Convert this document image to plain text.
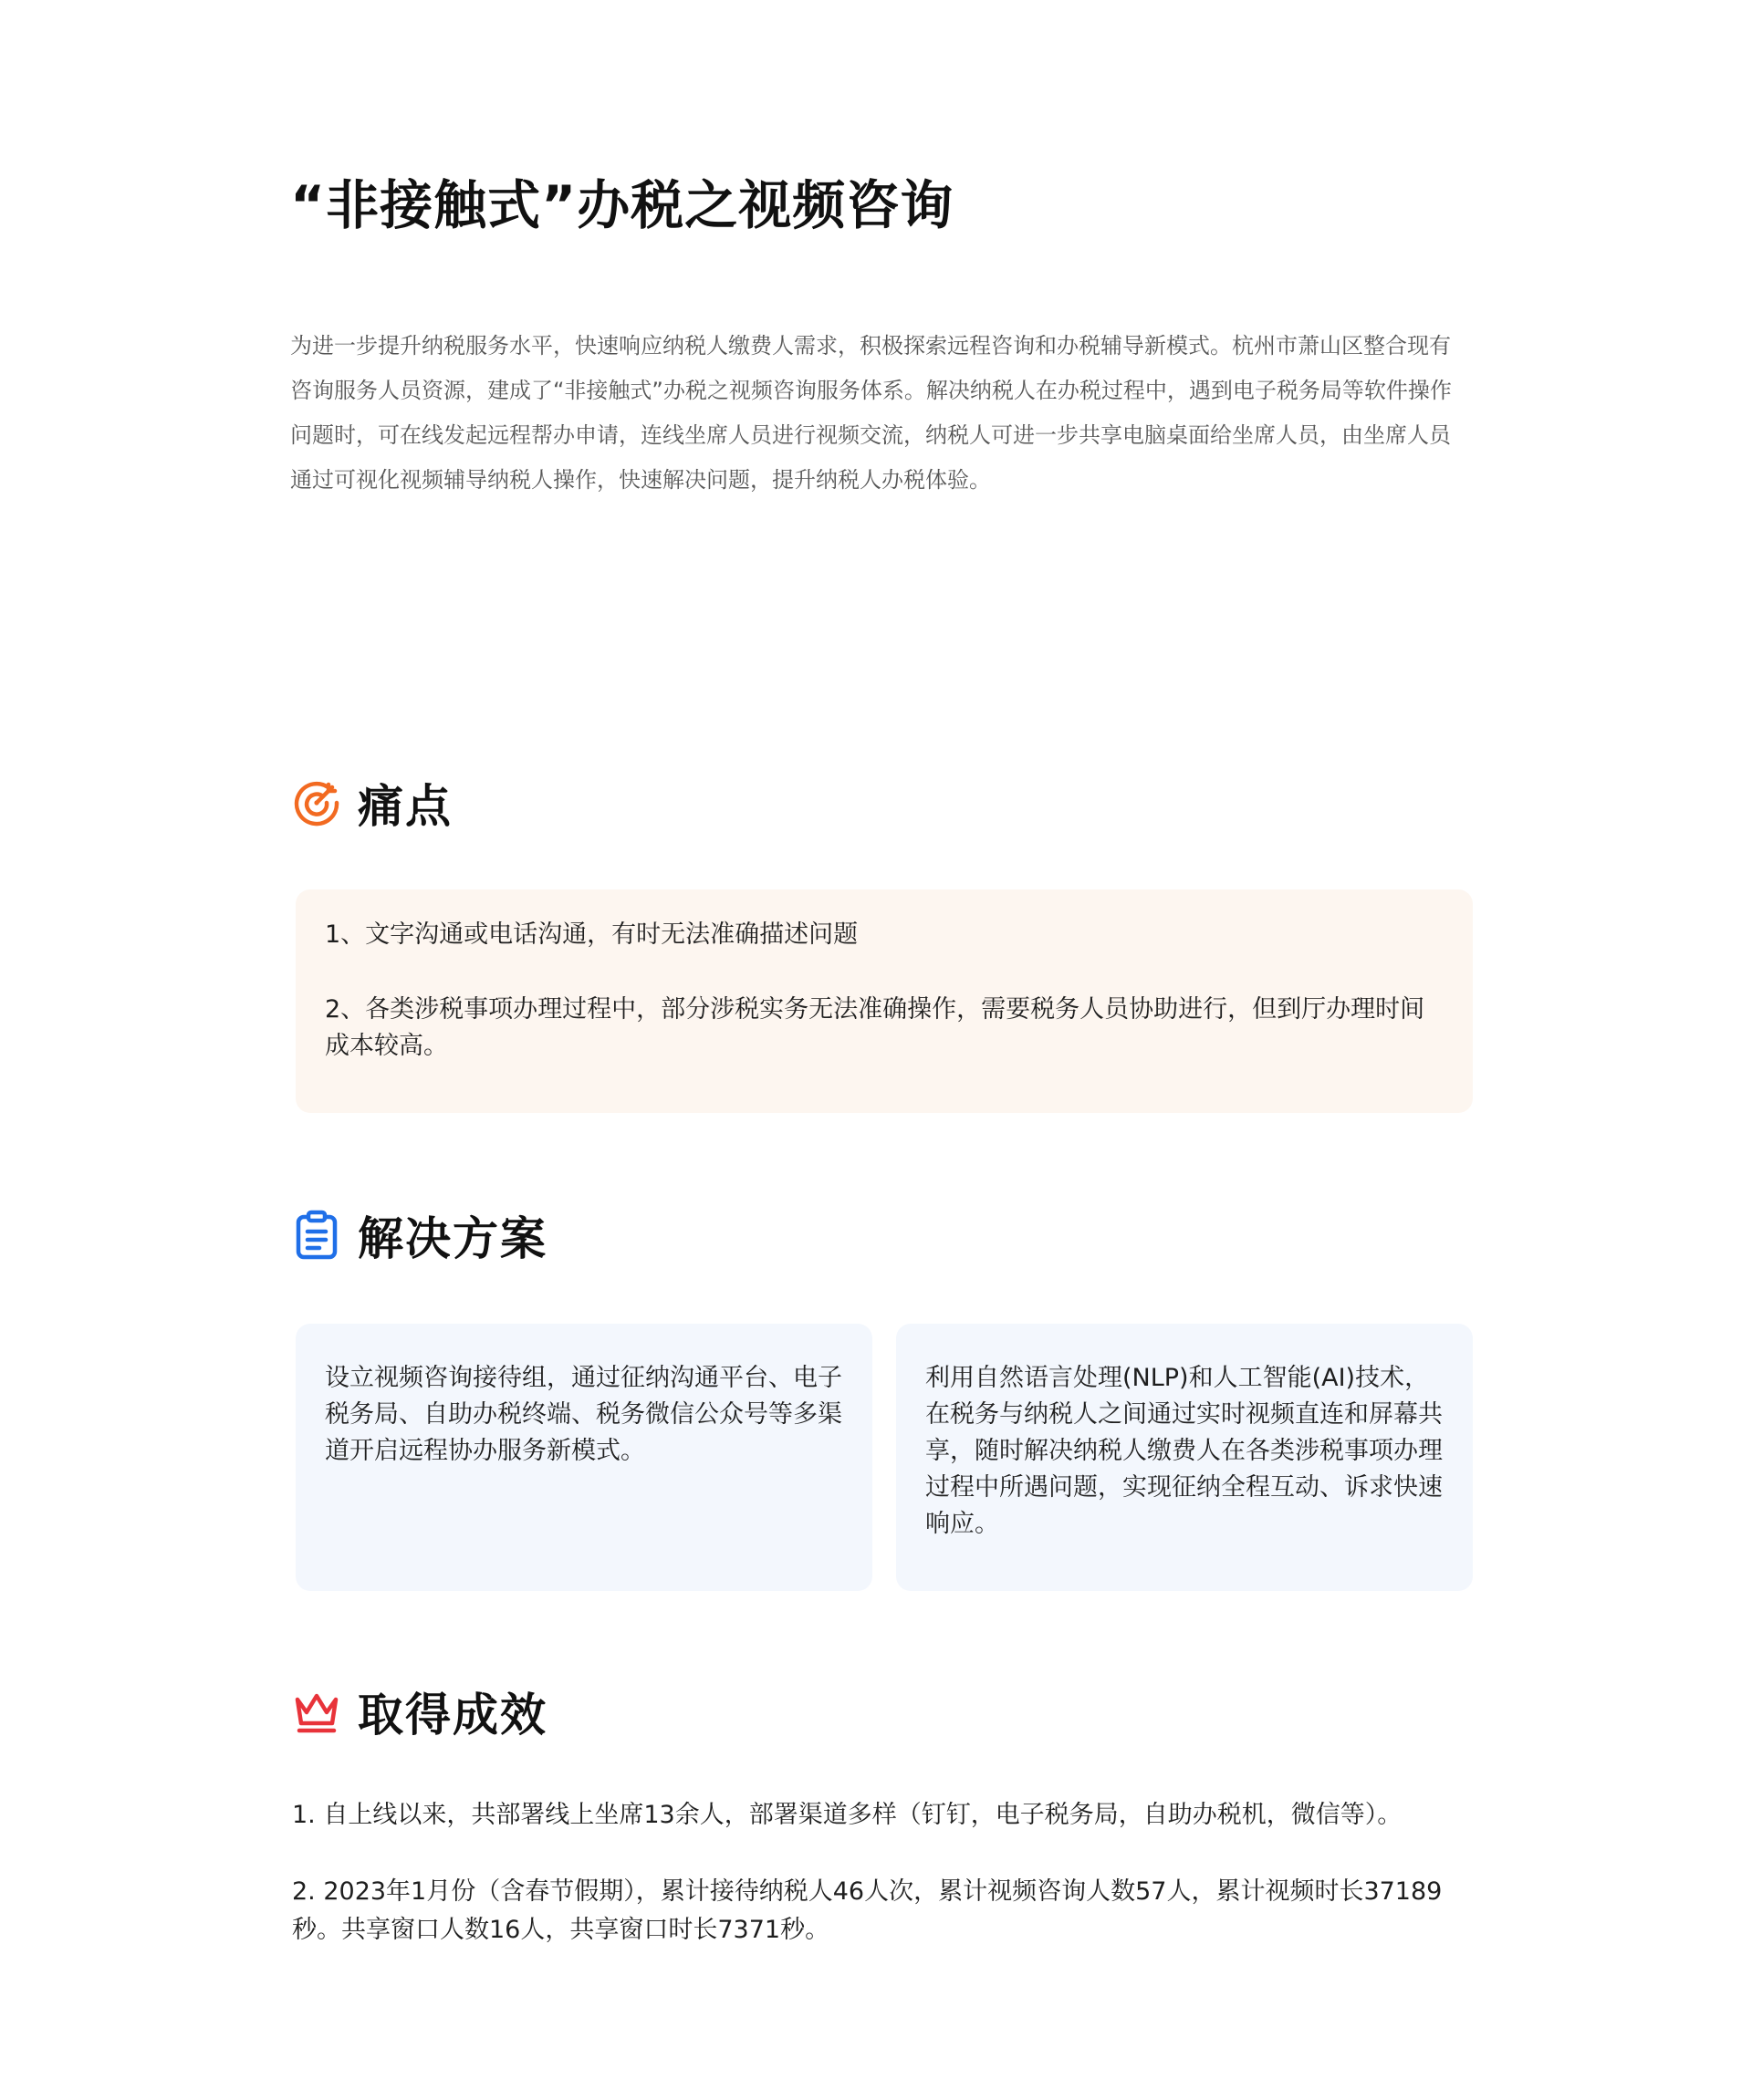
“非接触式”办税之视频咨询

为进一步提升纳税服务水平，快速响应纳税人缴费人需求，积极探索远程咨询和办税辅导新模式。杭州市萧山区整合现有咨询服务人员资源，建成了“非接触式”办税之视频咨询服务体系。解决纳税人在办税过程中，遇到电子税务局等软件操作问题时，可在线发起远程帮办申请，连线坐席人员进行视频交流，纳税人可进一步共享电脑桌面给坐席人员，由坐席人员通过可视化视频辅导纳税人操作，快速解决问题，提升纳税人办税体验。

痛点

1、文字沟通或电话沟通，有时无法准确描述问题

2、各类涉税事项办理过程中，部分涉税实务无法准确操作，需要税务人员协助进行，但到厅办理时间成本较高。

解决方案

设立视频咨询接待组，通过征纳沟通平台、电子税务局、自助办税终端、税务微信公众号等多渠道开启远程协办服务新模式。

利用自然语言处理(NLP)和人工智能(AI)技术，在税务与纳税人之间通过实时视频直连和屏幕共享，随时解决纳税人缴费人在各类涉税事项办理过程中所遇问题，实现征纳全程互动、诉求快速响应。

取得成效

1. 自上线以来，共部署线上坐席13余人，部署渠道多样（钉钉，电子税务局，自助办税机，微信等）。

2. 2023年1月份（含春节假期），累计接待纳税人46人次，累计视频咨询人数57人，累计视频时长37189秒。共享窗口人数16人，共享窗口时长7371秒。
